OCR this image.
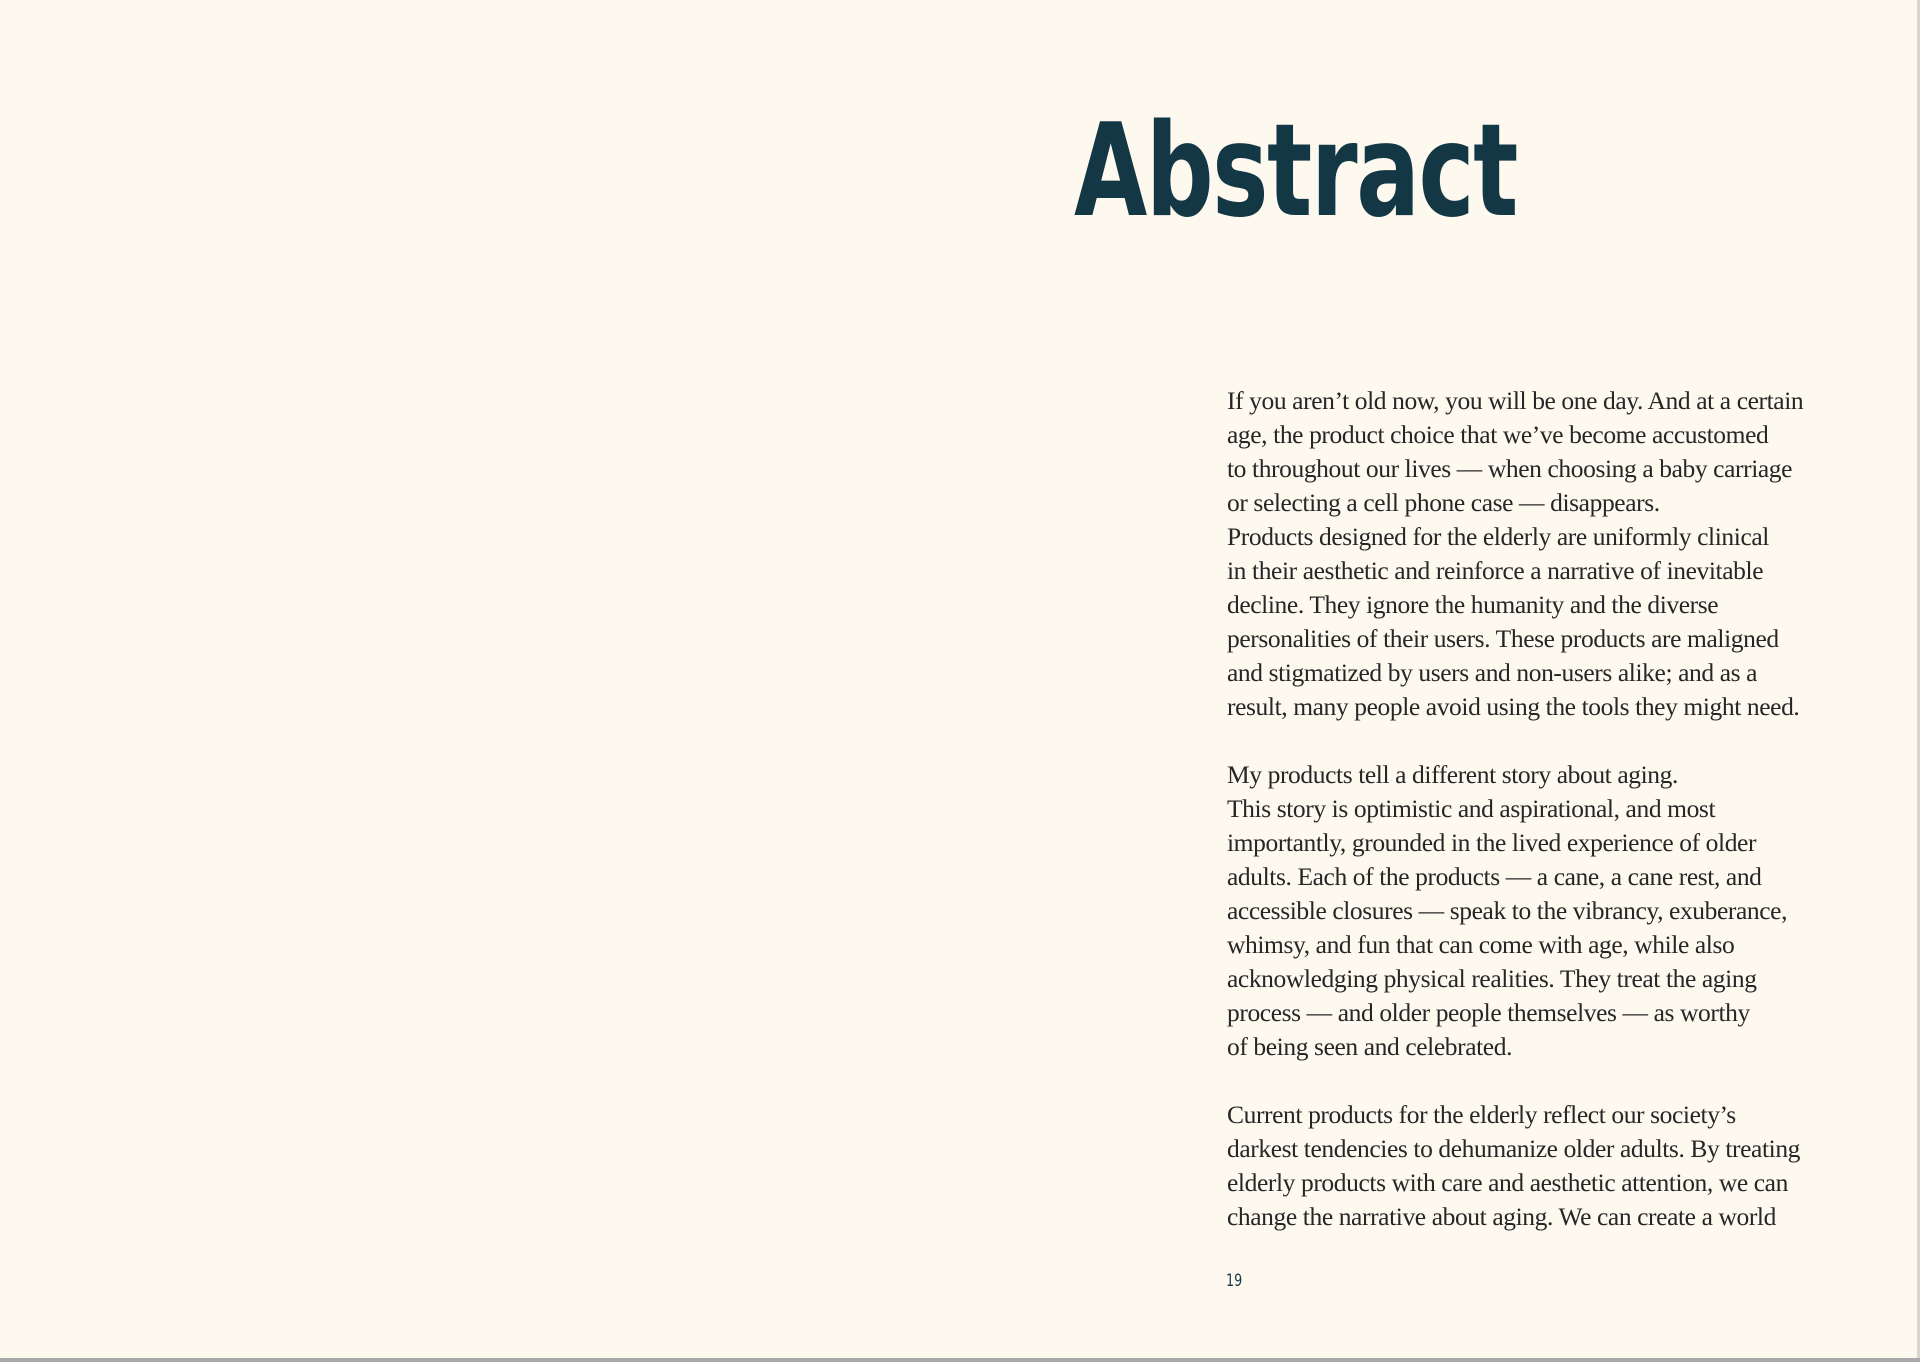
Abstract

If you aren’t old now, you will be one day. And at a certain
age, the product choice that we’ve become accustomed
to throughout our lives — when choosing a baby carriage
or selecting a cell phone case — disappears.
Products designed for the elderly are uniformly clinical
in their aesthetic and reinforce a narrative of inevitable
decline. They ignore the humanity and the diverse
personalities of their users. These products are maligned
and stigmatized by users and non-users alike; and as a
result, many people avoid using the tools they might need.

My products tell a different story about aging.
This story is optimistic and aspirational, and most
importantly, grounded in the lived experience of older
adults. Each of the products — a cane, a cane rest, and
accessible closures — speak to the vibrancy, exuberance,
whimsy, and fun that can come with age, while also
acknowledging physical realities. They treat the aging
process — and older people themselves — as worthy
of being seen and celebrated.

Current products for the elderly reflect our society’s
darkest tendencies to dehumanize older adults. By treating
elderly products with care and aesthetic attention, we can
change the narrative about aging. We can create a world

19
